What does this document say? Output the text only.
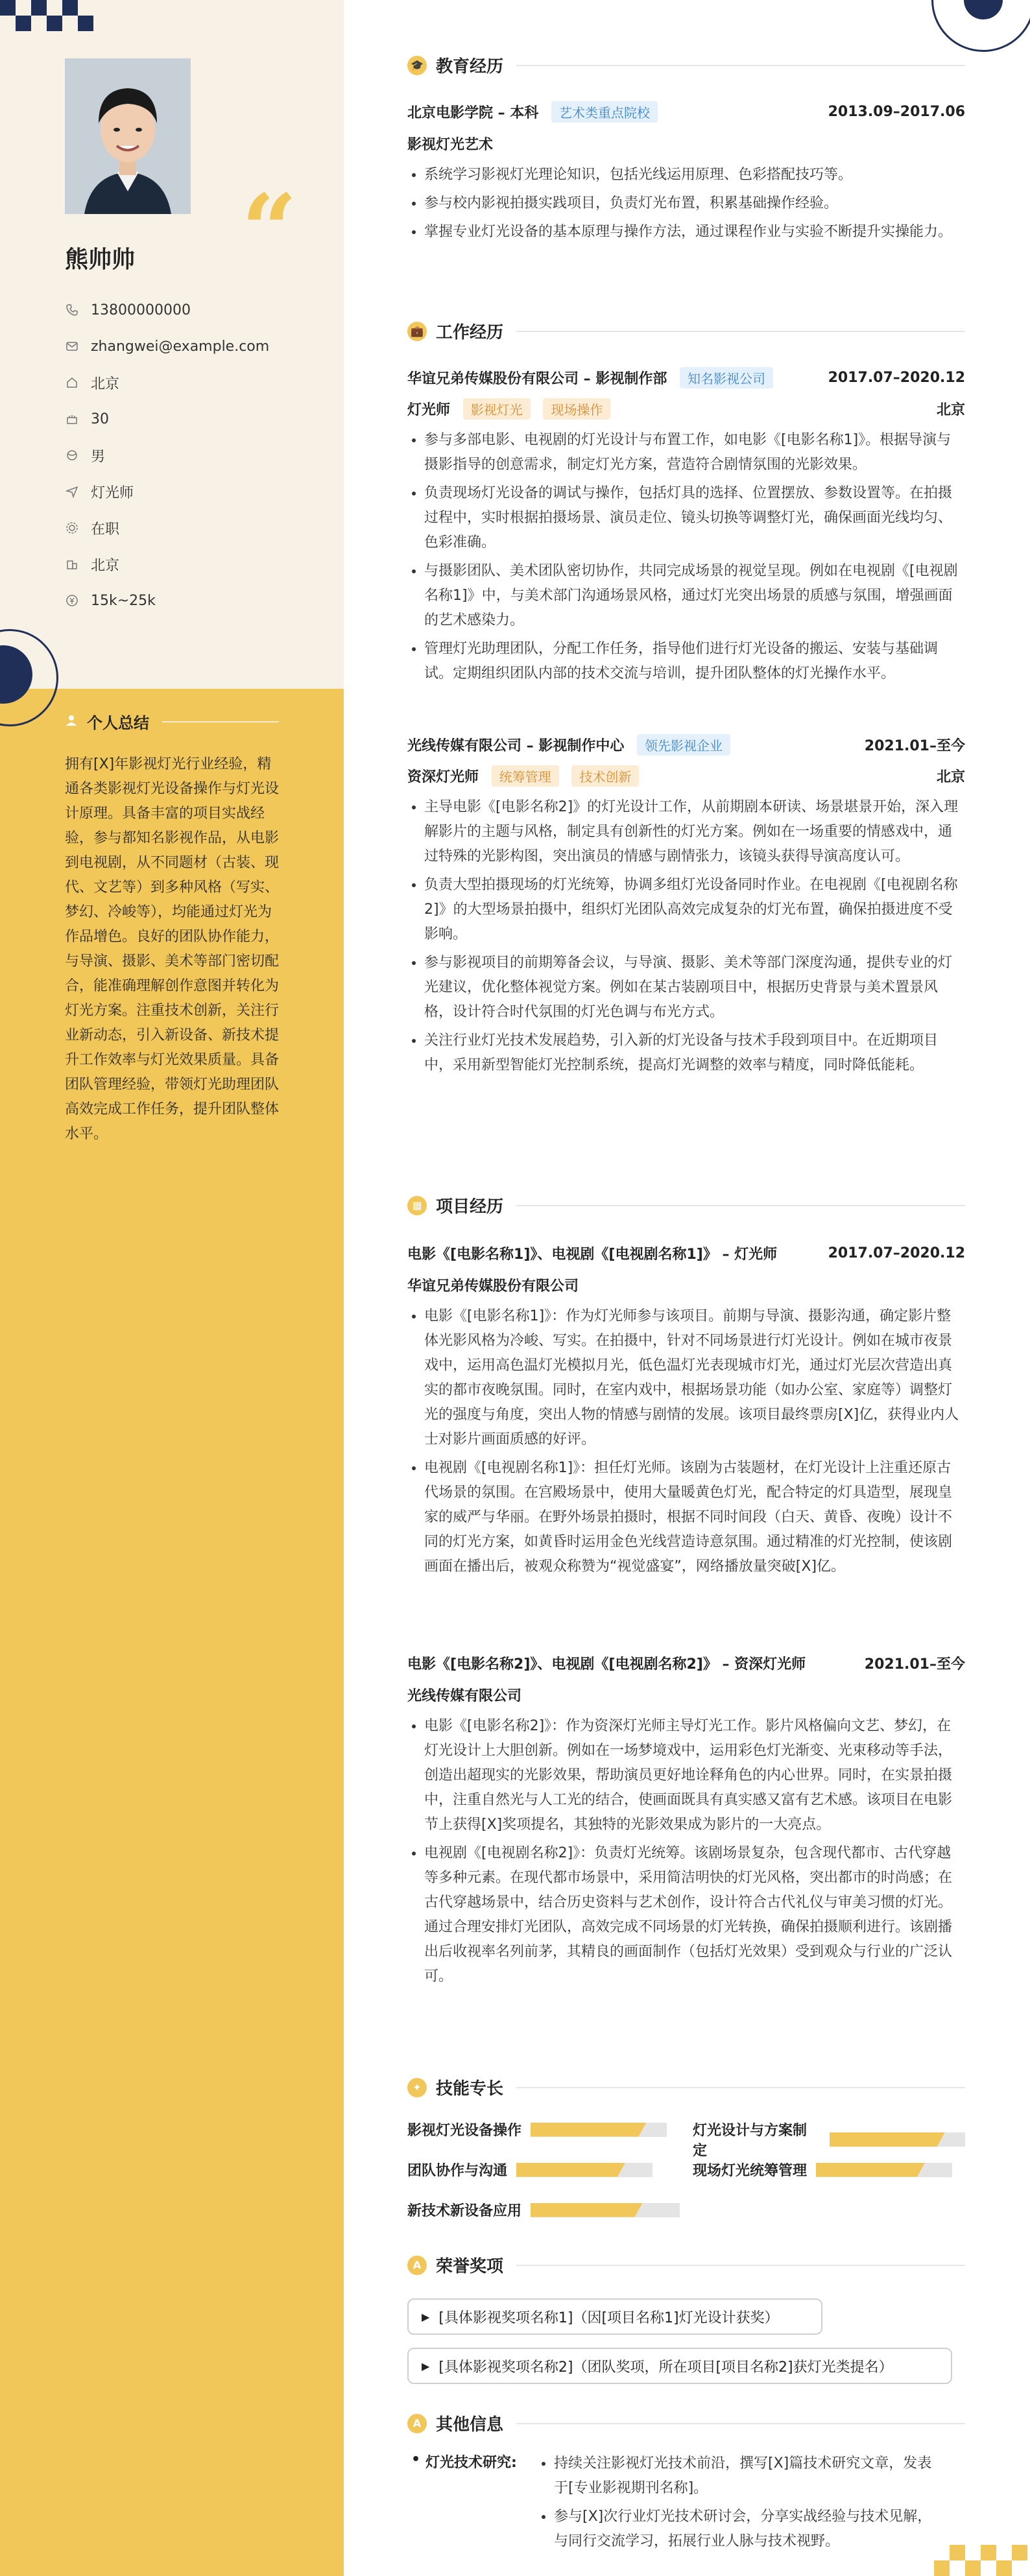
“
熊帅帅
13800000000
zhangwei@example.com
北京
30
男
灯光师
在职
北京
15k~25k
个人总结
拥有[X]年影视灯光行业经验，精通各类影视灯光设备操作与灯光设计原理。具备丰富的项目实战经验，参与都知名影视作品，从电影到电视剧，从不同题材（古装、现代、文艺等）到多种风格（写实、梦幻、冷峻等），均能通过灯光为作品增色。良好的团队协作能力，与导演、摄影、美术等部门密切配合，能准确理解创作意图并转化为灯光方案。注重技术创新，关注行业新动态，引入新设备、新技术提升工作效率与灯光效果质量。具备团队管理经验，带领灯光助理团队高效完成工作任务，提升团队整体水平。
🎓 教育经历
北京电影学院 – 本科 艺术类重点院校	2013.09–2017.06
影视灯光艺术
• 系统学习影视灯光理论知识，包括光线运用原理、色彩搭配技巧等。
• 参与校内影视拍摄实践项目，负责灯光布置，积累基础操作经验。
• 掌握专业灯光设备的基本原理与操作方法，通过课程作业与实验不断提升实操能力。
💼 工作经历
华谊兄弟传媒股份有限公司 – 影视制作部 知名影视公司	2017.07–2020.12
灯光师 影视灯光 现场操作	北京
• 参与多部电影、电视剧的灯光设计与布置工作，如电影《[电影名称1]》。根据导演与摄影指导的创意需求，制定灯光方案，营造符合剧情氛围的光影效果。
• 负责现场灯光设备的调试与操作，包括灯具的选择、位置摆放、参数设置等。在拍摄过程中，实时根据拍摄场景、演员走位、镜头切换等调整灯光，确保画面光线均匀、色彩准确。
• 与摄影团队、美术团队密切协作，共同完成场景的视觉呈现。例如在电视剧《[电视剧名称1]》中，与美术部门沟通场景风格，通过灯光突出场景的质感与氛围，增强画面的艺术感染力。
• 管理灯光助理团队，分配工作任务，指导他们进行灯光设备的搬运、安装与基础调试。定期组织团队内部的技术交流与培训，提升团队整体的灯光操作水平。
光线传媒有限公司 – 影视制作中心 领先影视企业	2021.01–至今
资深灯光师 统筹管理 技术创新	北京
• 主导电影《[电影名称2]》的灯光设计工作，从前期剧本研读、场景堪景开始，深入理解影片的主题与风格，制定具有创新性的灯光方案。例如在一场重要的情感戏中，通过特殊的光影构图，突出演员的情感与剧情张力，该镜头获得导演高度认可。
• 负责大型拍摄现场的灯光统筹，协调多组灯光设备同时作业。在电视剧《[电视剧名称2]》的大型场景拍摄中，组织灯光团队高效完成复杂的灯光布置，确保拍摄进度不受影响。
• 参与影视项目的前期筹备会议，与导演、摄影、美术等部门深度沟通，提供专业的灯光建议，优化整体视觉方案。例如在某古装剧项目中，根据历史背景与美术置景风格，设计符合时代氛围的灯光色调与布光方式。
• 关注行业灯光技术发展趋势，引入新的灯光设备与技术手段到项目中。在近期项目中，采用新型智能灯光控制系统，提高灯光调整的效率与精度，同时降低能耗。
▦ 项目经历
电影《[电影名称1]》、电视剧《[电视剧名称1]》 – 灯光师	2017.07–2020.12
华谊兄弟传媒股份有限公司
• 电影《[电影名称1]》：作为灯光师参与该项目。前期与导演、摄影沟通，确定影片整体光影风格为冷峻、写实。在拍摄中，针对不同场景进行灯光设计。例如在城市夜景戏中，运用高色温灯光模拟月光，低色温灯光表现城市灯光，通过灯光层次营造出真实的都市夜晚氛围。同时，在室内戏中，根据场景功能（如办公室、家庭等）调整灯光的强度与角度，突出人物的情感与剧情的发展。该项目最终票房[X]亿，获得业内人士对影片画面质感的好评。
• 电视剧《[电视剧名称1]》：担任灯光师。该剧为古装题材，在灯光设计上注重还原古代场景的氛围。在宫殿场景中，使用大量暖黄色灯光，配合特定的灯具造型，展现皇家的威严与华丽。在野外场景拍摄时，根据不同时间段（白天、黄昏、夜晚）设计不同的灯光方案，如黄昏时运用金色光线营造诗意氛围。通过精准的灯光控制，使该剧画面在播出后，被观众称赞为“视觉盛宴”，网络播放量突破[X]亿。
电影《[电影名称2]》、电视剧《[电视剧名称2]》 – 资深灯光师	2021.01–至今
光线传媒有限公司
• 电影《[电影名称2]》：作为资深灯光师主导灯光工作。影片风格偏向文艺、梦幻，在灯光设计上大胆创新。例如在一场梦境戏中，运用彩色灯光渐变、光束移动等手法，创造出超现实的光影效果，帮助演员更好地诠释角色的内心世界。同时，在实景拍摄中，注重自然光与人工光的结合，使画面既具有真实感又富有艺术感。该项目在电影节上获得[X]奖项提名，其独特的光影效果成为影片的一大亮点。
• 电视剧《[电视剧名称2]》：负责灯光统筹。该剧场景复杂，包含现代都市、古代穿越等多种元素。在现代都市场景中，采用简洁明快的灯光风格，突出都市的时尚感；在古代穿越场景中，结合历史资料与艺术创作，设计符合古代礼仪与审美习惯的灯光。通过合理安排灯光团队，高效完成不同场景的灯光转换，确保拍摄顺利进行。该剧播出后收视率名列前茅，其精良的画面制作（包括灯光效果）受到观众与行业的广泛认可。
✦ 技能专长
影视灯光设备操作	灯光设计与方案制定
团队协作与沟通	现场灯光统筹管理
新技术新设备应用
A 荣誉奖项
▶ [具体影视奖项名称1]（因[项目名称1]灯光设计获奖）
▶ [具体影视奖项名称2]（团队奖项，所在项目[项目名称2]获灯光类提名）
A 其他信息
• 灯光技术研究:
•	持续关注影视灯光技术前沿，撰写[X]篇技术研究文章，发表于[专业影视期刊名称]。
• 参与[X]次行业灯光技术研讨会，分享实战经验与技术见解，与同行交流学习，拓展行业人脉与技术视野。
